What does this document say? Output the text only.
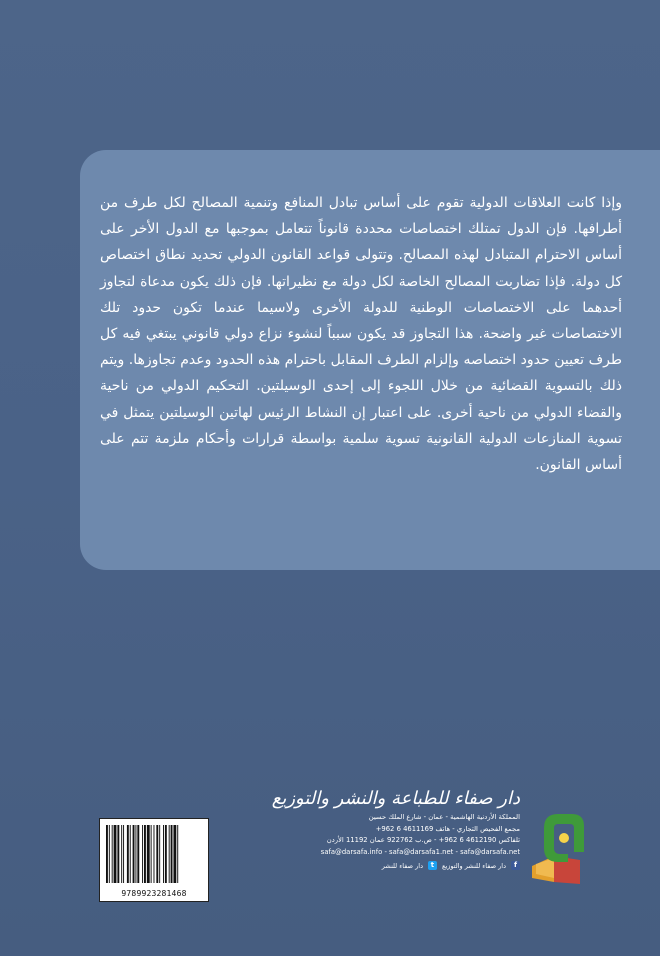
وإذا كانت العلاقات الدولية تقوم على أساس تبادل المنافع وتنمية المصالح لكل طرف من أطرافها. فإن الدول تمتلك اختصاصات محددة قانوناً تتعامل بموجبها مع الدول الأخر على أساس الاحترام المتبادل لهذه المصالح. وتتولى قواعد القانون الدولي تحديد نطاق اختصاص كل دولة. فإذا تضاربت المصالح الخاصة لكل دولة مع نظيراتها. فإن ذلك يكون مدعاة لتجاوز أحدهما على الاختصاصات الوطنية للدولة الأخرى ولاسيما عندما تكون حدود تلك الاختصاصات غير واضحة. هذا التجاوز قد يكون سبباً لنشوء نزاع دولي قانوني يبتغي فيه كل طرف تعيين حدود اختصاصه وإلزام الطرف المقابل باحترام هذه الحدود وعدم تجاوزها. ويتم ذلك بالتسوية القضائية من خلال اللجوء إلى إحدى الوسيلتين. التحكيم الدولي من ناحية والقضاء الدولي من ناحية أخرى. على اعتبار إن النشاط الرئيس لهاتين الوسيلتين يتمثل في تسوية المنازعات الدولية القانونية تسوية سلمية بواسطة قرارات وأحكام ملزمة تتم على أساس القانون.

9789923281468
دار صفاء للطباعة والنشر والتوزيع
المملكة الأردنية الهاشمية - عمان - شارع الملك حسين
مجمع الفحيص التجاري - هاتف 4611169 6 962+
تلفاكس 4612190 6 962+ - ص.ب 922762 عمان 11192 الأردن
safa@darsafa.info - safa@darsafa1.net - safa@darsafa.net
f
دار صفاء للنشر والتوزيع
t
دار صفاء للنشر
